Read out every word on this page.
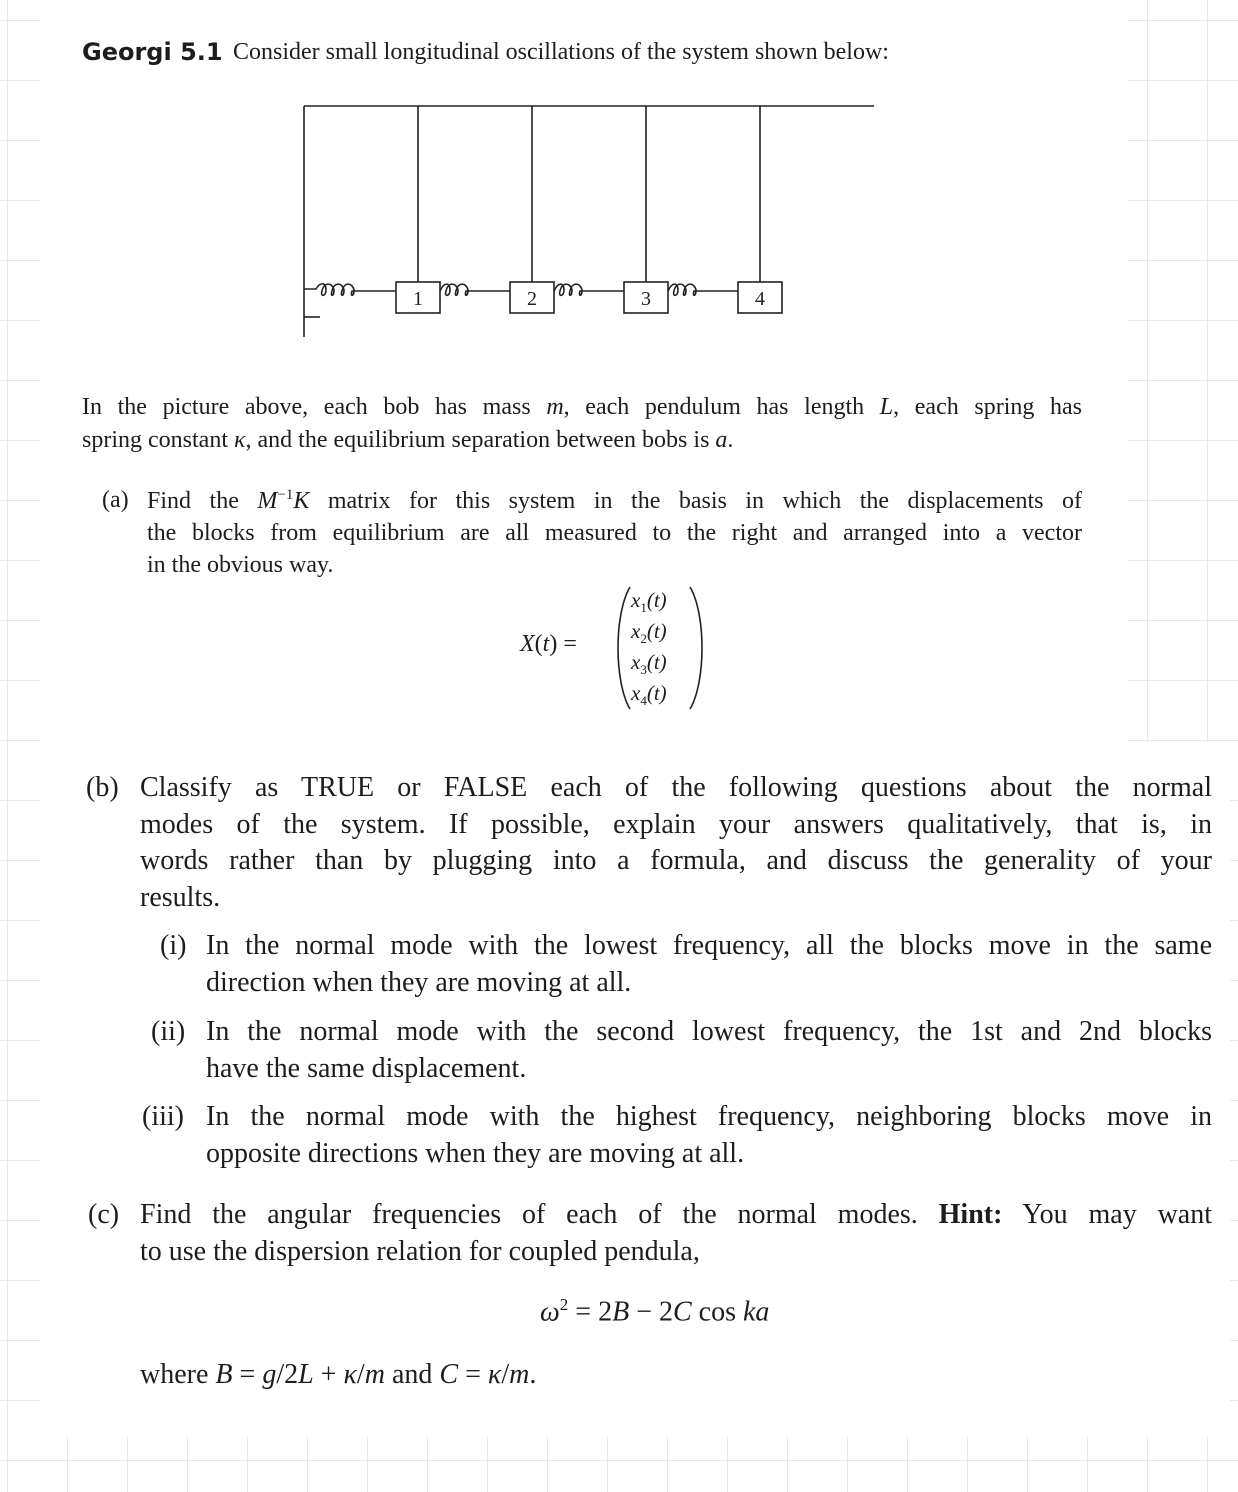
Georgi 5.1 Consider small longitudinal oscillations of the system shown below:
1	2	3	4
In the picture above, each bob has mass m, each pendulum has length L, each spring has
spring constant κ, and the equilibrium separation between bobs is a.
(a) Find the $M^{-1}K$ matrix for this system in the basis in which the displacements of
the blocks from equilibrium are all measured to the right and arranged into a vector
in the obvious way.
X(t) =
$x_1(t)$
$x_2(t)$
$x_3(t)$
$x_4(t)$
(b) Classify as TRUE or FALSE each of the following questions about the normal
modes of the system. If possible, explain your answers qualitatively, that is, in
words rather than by plugging into a formula, and discuss the generality of your
results.
(i) In the normal mode with the lowest frequency, all the blocks move in the same
direction when they are moving at all.
(ii) In the normal mode with the second lowest frequency, the 1st and 2nd blocks
have the same displacement.
(iii) In the normal mode with the highest frequency, neighboring blocks move in
opposite directions when they are moving at all.
(c) Find the angular frequencies of each of the normal modes. Hint: You may want
to use the dispersion relation for coupled pendula,
$\omega^2 = 2B - 2C$ cos ka
where B = g/2L + κ/m and C = κ/m.
